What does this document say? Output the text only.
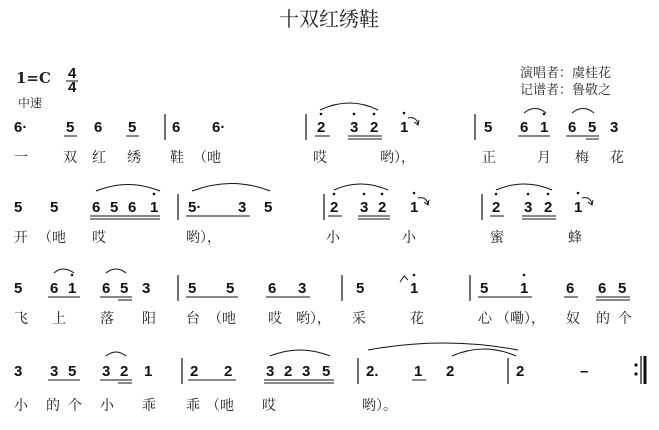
十双红绣鞋
1=C 4
4
中速
演唱者：虞桂花
记谱者：鲁敬之
6·	5 6 5 6 6·	2 3 2 1	5 6 1 6 5 3
一	双 红 绣 鞋 （吔	哎	哟），	正	月 梅 花
5 5 6 5 6 1 5· 3 5	2 3 2 1	2 3 2 1
开 （吔 哎	哟），	小	小	蜜	蜂
5 6 1 6 5 3	5 5 6 3	5	1	5 1	6 6 5
飞 上 落 阳 台 （吔 哎 哟）， 采	花	心 （嘞）， 奴 的 个
3 3 5 3 2 1	2 2 3 2 3 5 2. 1 2	2	–
小 的 个 小 乖 乖 （吔 哎	哟）。
